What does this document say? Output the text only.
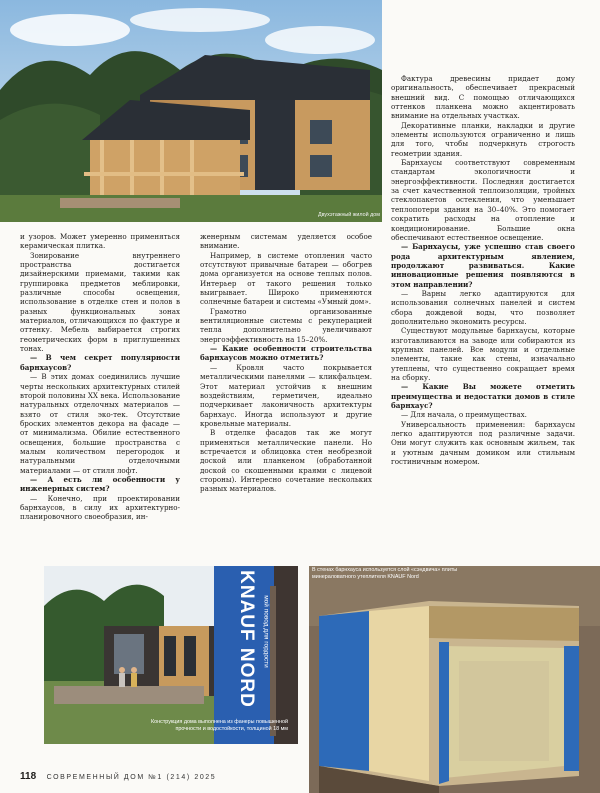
Двухэтажный жилой дом

и узоров. Может умеренно применяться керамическая плитка.

Зонирование внутреннего пространства достигается дизайнерскими приемами, такими как группировка предметов меблировки, различные способы освещения, использование в отделке стен и полов в разных функциональных зонах материалов, отличающихся по фактуре и оттенку. Мебель выбирается строгих геометрических форм в приглушенных тонах.

— В чем секрет популярности барнхаусов?

— В этих домах соединились лучшие черты нескольких архитектурных стилей второй половины XX века. Использование натуральных отделочных материалов — взято от стиля эко-тек. Отсутствие броских элементов декора на фасаде — от минимализма. Обилие естественного освещения, большие пространства с малым количеством перегородок и натуральными отделочными материалами — от стиля лофт.

— А есть ли особенности у инженерных систем?

— Конечно, при проектировании барнхаусов, в силу их архитектурно-планировочного своеобразия, ин-

женерным системам уделяется особое внимание.

Например, в системе отопления часто отсутствуют привычные батареи — обогрев дома организуется на основе теплых полов. Интерьер от такого решения только выигрывает. Широко применяются солнечные батареи и системы «Умный дом».

Грамотно организованные вентиляционные системы с рекуперацией тепла дополнительно увеличивают энергоэффективность на 15–20%.

— Какие особенности строительства барнхаусов можно отметить?

— Кровля часто покрывается металлическими панелями — кликфальцем. Этот материал устойчив к внешним воздействиям, герметичен, идеально подчеркивает лаконичность архитектуры барнхаус. Иногда используют и другие кровельные материалы.

В отделке фасадов так же могут применяться металлические панели. Но встречается и облицовка стен необрезной доской или планкеном (обработанной доской со скошенными краями с лицевой стороны). Интересно сочетание нескольких разных материалов.

Фактура древесины придает дому оригинальность, обеспечивает прекрасный внешний вид. С помощью отличающихся оттенков планкена можно акцентировать внимание на отдельных участках.

Декоративные планки, накладки и другие элементы используются ограниченно и лишь для того, чтобы подчеркнуть строгость геометрии здания.

Барнхаусы соответствуют современным стандартам экологичности и энергоэффективности. Последняя достигается за счет качественной теплоизоляции, тройных стеклопакетов остекления, что уменьшает теплопотери здания на 30–40%. Это помогает сократить расходы на отопление и кондиционирование. Большие окна обеспечивают естественное освещение.

— Барнхаусы, уже успешно став своего рода архитектурным явлением, продолжают развиваться. Какие инновационные решения появляются в этом направлении?

— Варны легко адаптируются для использования солнечных панелей и систем сбора дождевой воды, что позволяет дополнительно экономить ресурсы.

Существуют модульные барнхаусы, которые изготавливаются на заводе или собираются из крупных панелей. Все модули и отдельные элементы, такие как стены, изначально утеплены, что существенно сокращает время на сборку.

— Какие Вы можете отметить преимущества и недостатки домов в стиле барнхаус?

— Для начала, о преимуществах.

Универсальность применения: барнхаусы легко адаптируются под различные задачи. Они могут служить как основным жильем, так и уютным дачным домиком или стильным гостиничным номером.

KNAUF NORD мой повод для гордости
Конструкция дома выполнена из фанеры повышенной прочности и водостойкости, толщиной 18 мм
В стенах барнхауса используется слой «сэндвича» плиты минераловатного утеплителя KNAUF Nord
118 СОВРЕМЕННЫЙ ДОМ №1 (214) 2025
